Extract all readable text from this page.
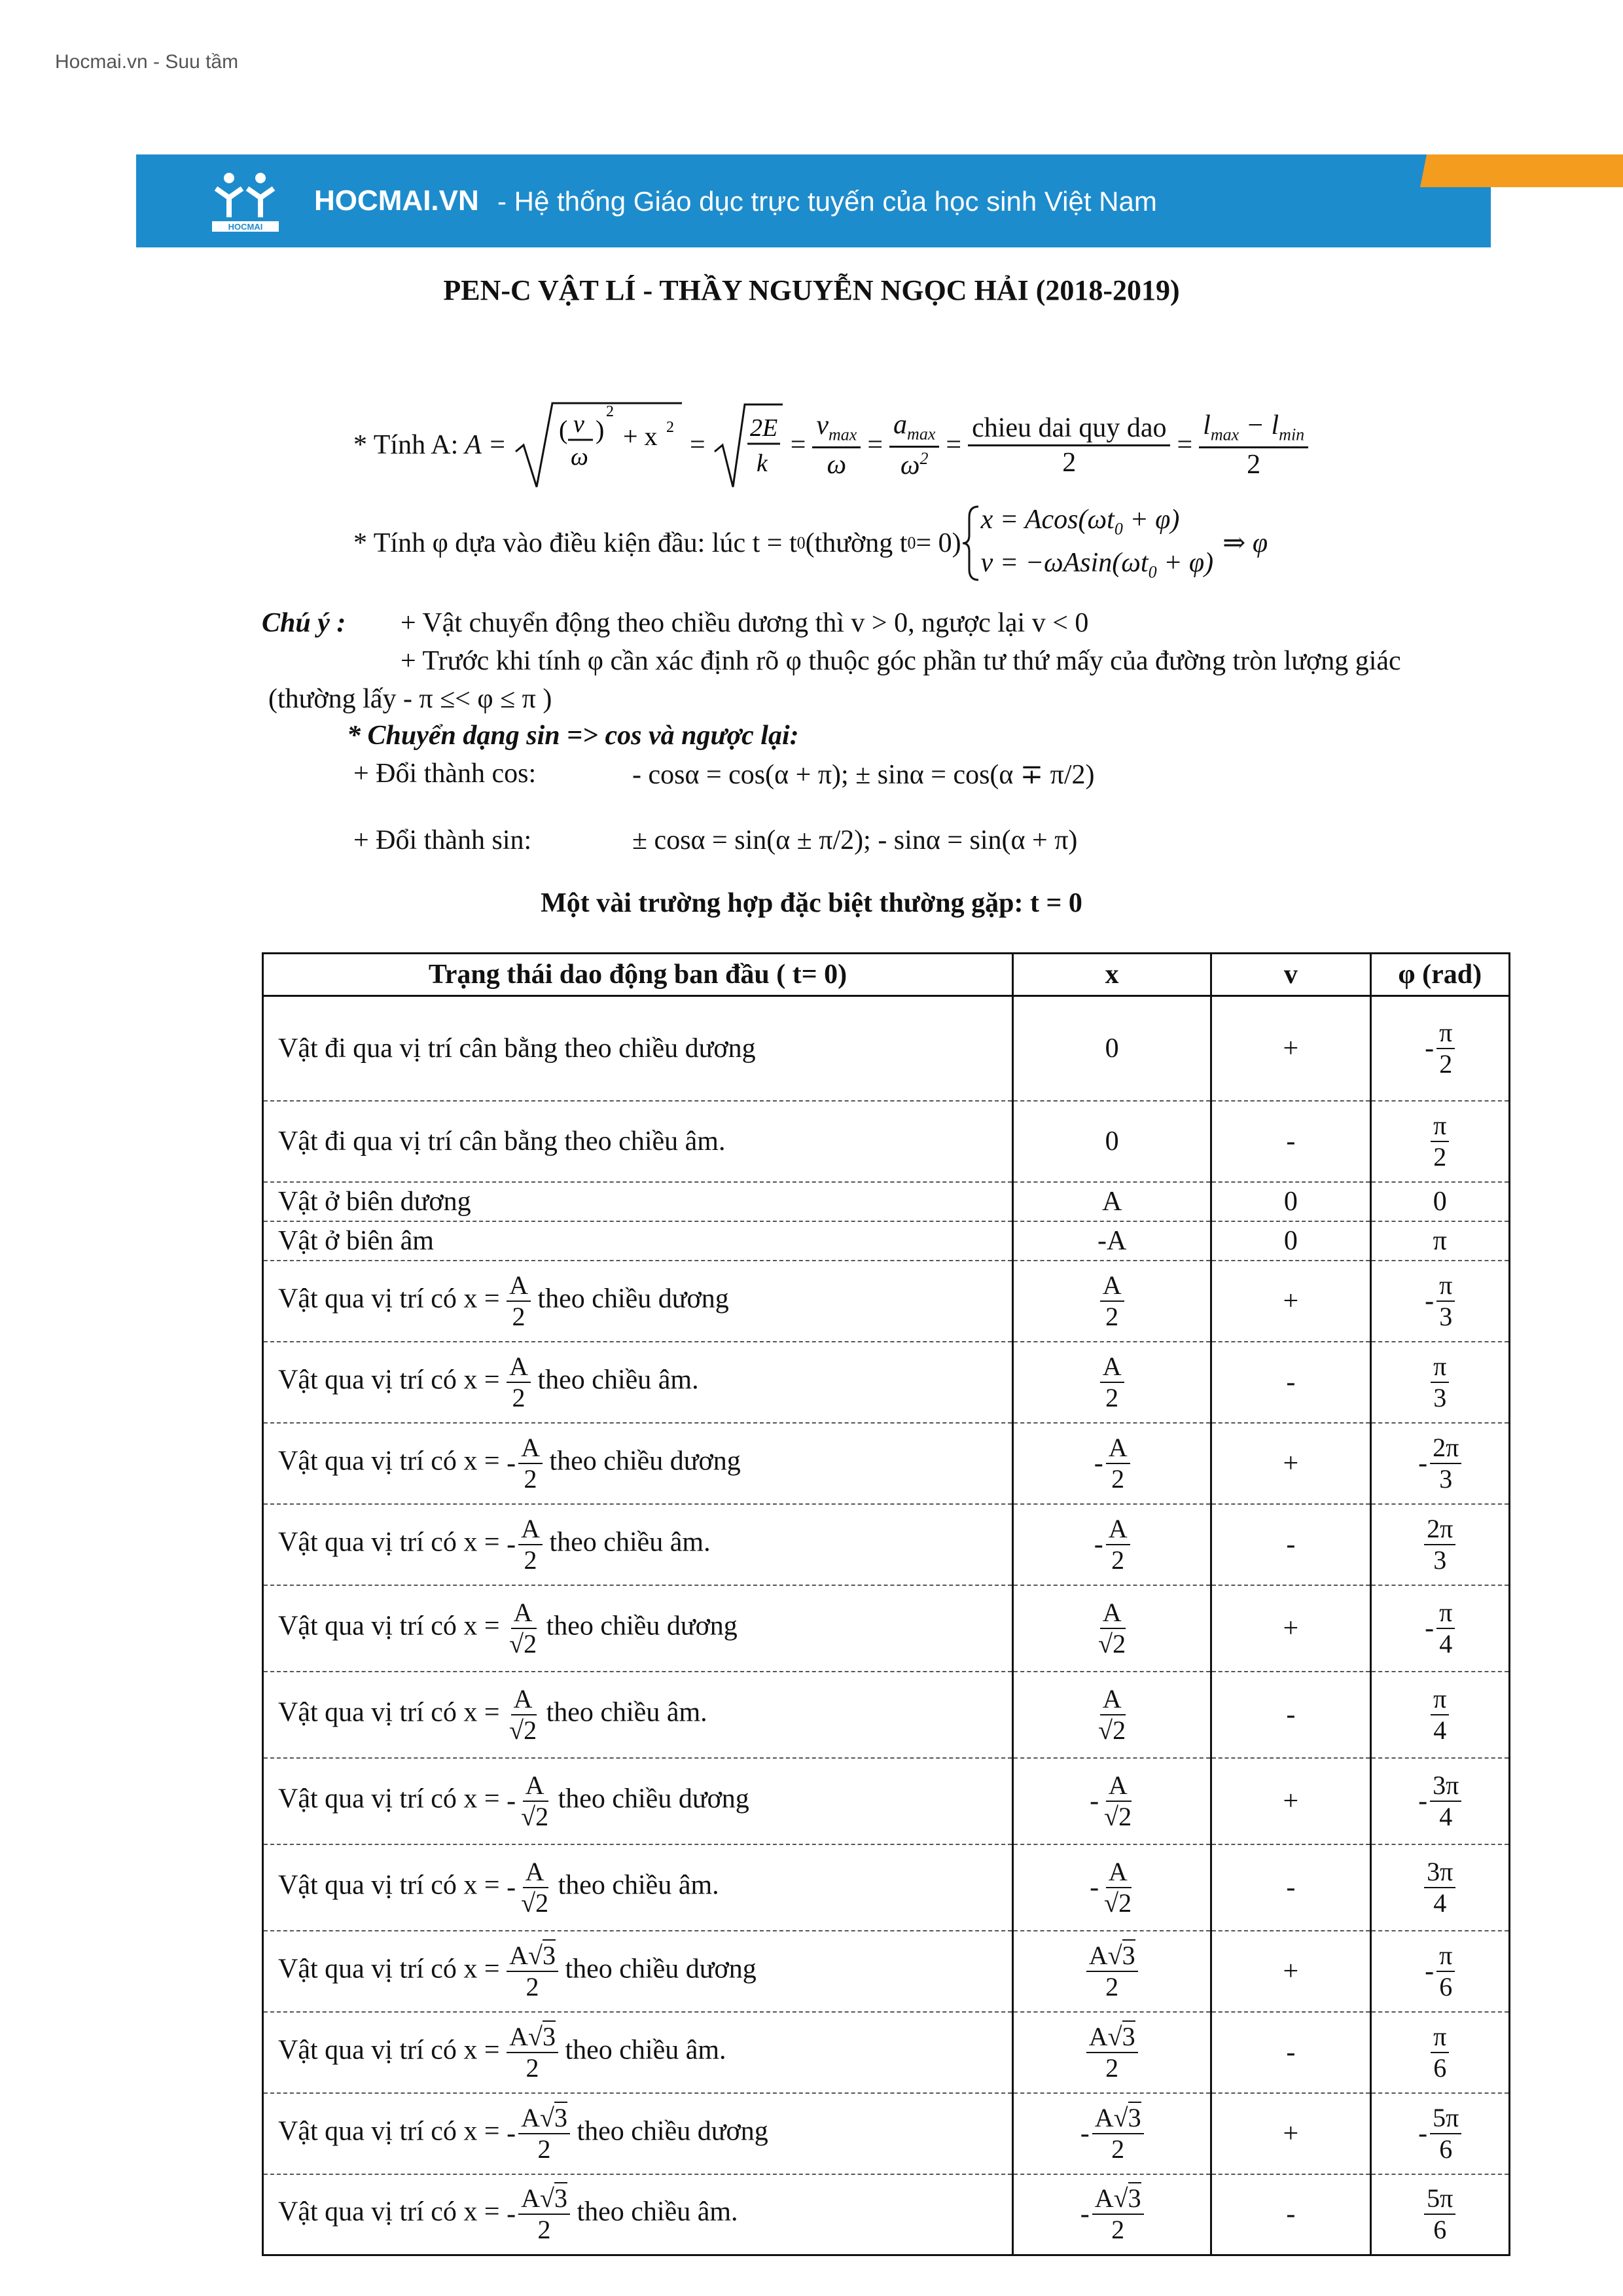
Hocmai.vn - Suu tầm
HOCMAI
HOCMAI.VN - Hệ thống Giáo dục trực tuyến của học sinh Việt Nam
PEN-C VẬT LÍ - THẦY NGUYỄN NGỌC HẢI (2018-2019)
* Tính A: A =
( v
ω
)
2
+ x 2
=
2E
k
= $\frac{v_{max}}{\omega} = \frac{a_{max}}{\omega^2} = \frac{\text{chieu dai quy dao}}{2} = \frac{l_{max} - l_{min}}{2}$
* Tính φ dựa vào điều kiện đầu: lúc t = t 0 (thường t 0 = 0)
$x = Acos(\omega t_0 + \varphi)$
$v = -\omega Asin(\omega t_0 + \varphi)$
⇒ φ
Chú ý : + Vật chuyển động theo chiều dương thì v > 0, ngược lại v < 0
+ Trước khi tính φ cần xác định rõ φ thuộc góc phần tư thứ mấy của đường tròn lượng giác
(thường lấy - π ≤< φ ≤ π )
* Chuyển dạng sin => cos và ngược lại:
+ Đổi thành cos:	- cosα = cos(α + π); ± sinα = cos(α ∓ π/2)
+ Đổi thành sin:	± cosα = sin(α ± π/2); - sinα = sin(α + π)
Một vài trường hợp đặc biệt thường gặp: t = 0
Trạng thái dao động ban đầu ( t= 0)	x	v	φ (rad)
Vật đi qua vị trí cân bằng theo chiều dương	0	+	- $\frac{\pi}{2}$

Vật đi qua vị trí cân bằng theo chiều âm.	0	-	$\frac{\pi}{2}$

Vật ở biên dương	A	0	0
Vật ở biên âm	-A	0	π
Vật qua vị trí có $x = \frac{A}{2}$ theo chiều dương	$\frac{A}{2}$	+	- $\frac{\pi}{3}$

Vật qua vị trí có $x = \frac{A}{2}$ theo chiều âm.	$\frac{A}{2}$	-	$\frac{\pi}{3}$

Vật qua vị trí có x = - $\frac{A}{2}$ theo chiều dương	- $\frac{A}{2}$	+	- $\frac{2\pi}{3}$

Vật qua vị trí có x = - $\frac{A}{2}$ theo chiều âm.	- $\frac{A}{2}$	-	$\frac{2\pi}{3}$

Vật qua vị trí có $x = \frac{A}{√2}$ theo chiều dương	$\frac{A}{√2}$	+	- $\frac{\pi}{4}$

Vật qua vị trí có $x = \frac{A}{√2}$ theo chiều âm.	$\frac{A}{√2}$	-	$\frac{\pi}{4}$

Vật qua vị trí có x = - $\frac{A}{√2}$ theo chiều dương	- $\frac{A}{√2}$	+	- $\frac{3\pi}{4}$

Vật qua vị trí có x = - $\frac{A}{√2}$ theo chiều âm.	- $\frac{A}{√2}$	-	$\frac{3\pi}{4}$

Vật qua vị trí có $x = \frac{A√3}{2}$ theo chiều dương	$\frac{A√3}{2}$	+	- $\frac{\pi}{6}$

Vật qua vị trí có $x = \frac{A√3}{2}$ theo chiều âm.	$\frac{A√3}{2}$	-	$\frac{\pi}{6}$

Vật qua vị trí có x = - $\frac{A√3}{2}$ theo chiều dương	- $\frac{A√3}{2}$	+	- $\frac{5\pi}{6}$

Vật qua vị trí có x = - $\frac{A√3}{2}$ theo chiều âm.	- $\frac{A√3}{2}$	-	$\frac{5\pi}{6}$
